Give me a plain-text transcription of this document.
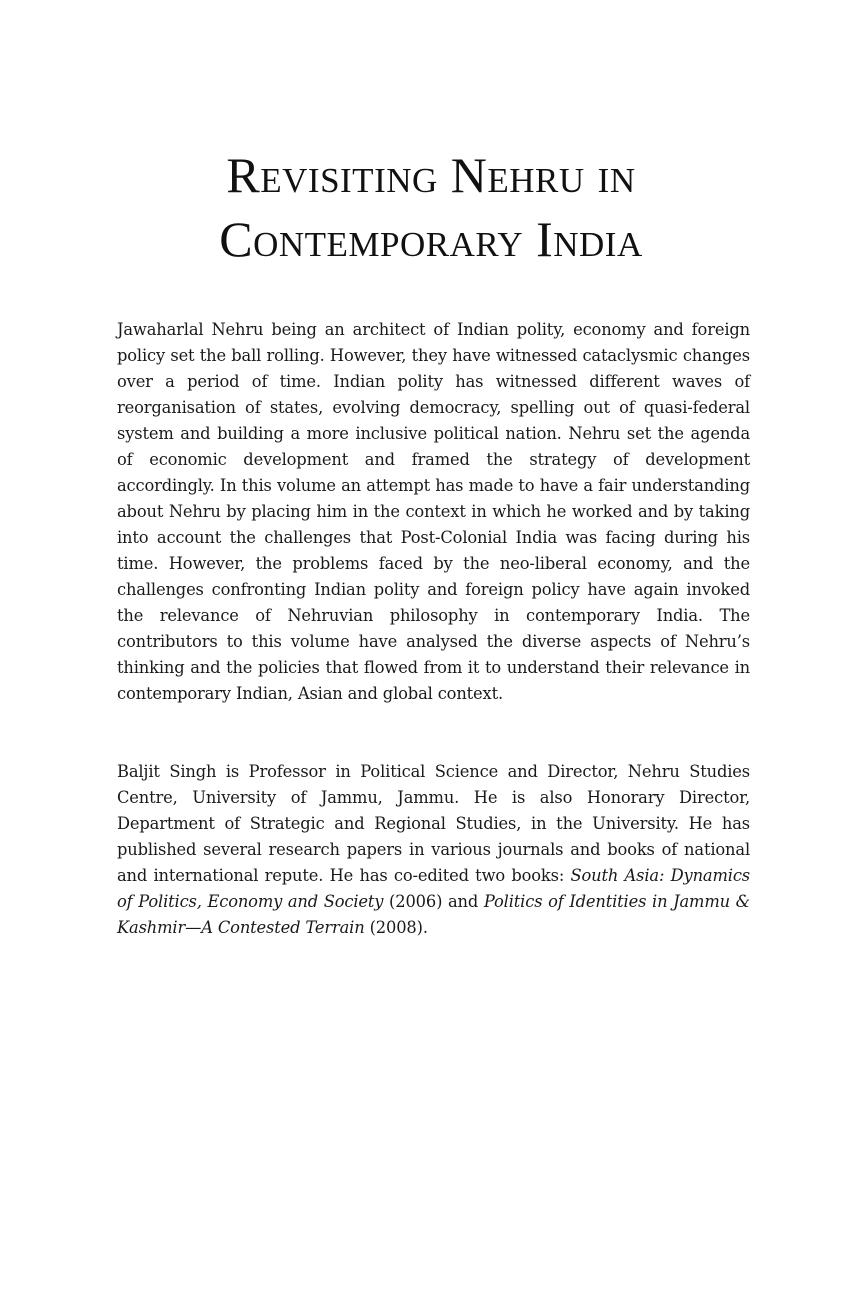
Revisiting Nehru in
Contemporary India

Jawaharlal Nehru being an architect of Indian polity, economy and foreign policy set the ball rolling. However, they have witnessed cataclysmic changes over a period of time. Indian polity has witnessed different waves of reorganisation of states, evolving democracy, spelling out of quasi-federal system and building a more inclusive political nation. Nehru set the agenda of economic development and framed the strategy of development accordingly. In this volume an attempt has made to have a fair understanding about Nehru by placing him in the context in which he worked and by taking into account the challenges that Post-Colonial India was facing during his time. However, the problems faced by the neo-liberal economy, and the challenges confronting Indian polity and foreign policy have again invoked the relevance of Nehruvian philosophy in contemporary India. The contributors to this volume have analysed the diverse aspects of Nehru’s thinking and the policies that flowed from it to understand their relevance in contemporary Indian, Asian and global context.

Baljit Singh is Professor in Political Science and Director, Nehru Studies Centre, University of Jammu, Jammu. He is also Honorary Director, Department of Strategic and Regional Studies, in the University. He has published several research papers in various journals and books of national and international repute. He has co-edited two books: South Asia: Dynamics of Politics, Economy and Society (2006) and Politics of Identities in Jammu & Kashmir—A Contested Terrain (2008).
